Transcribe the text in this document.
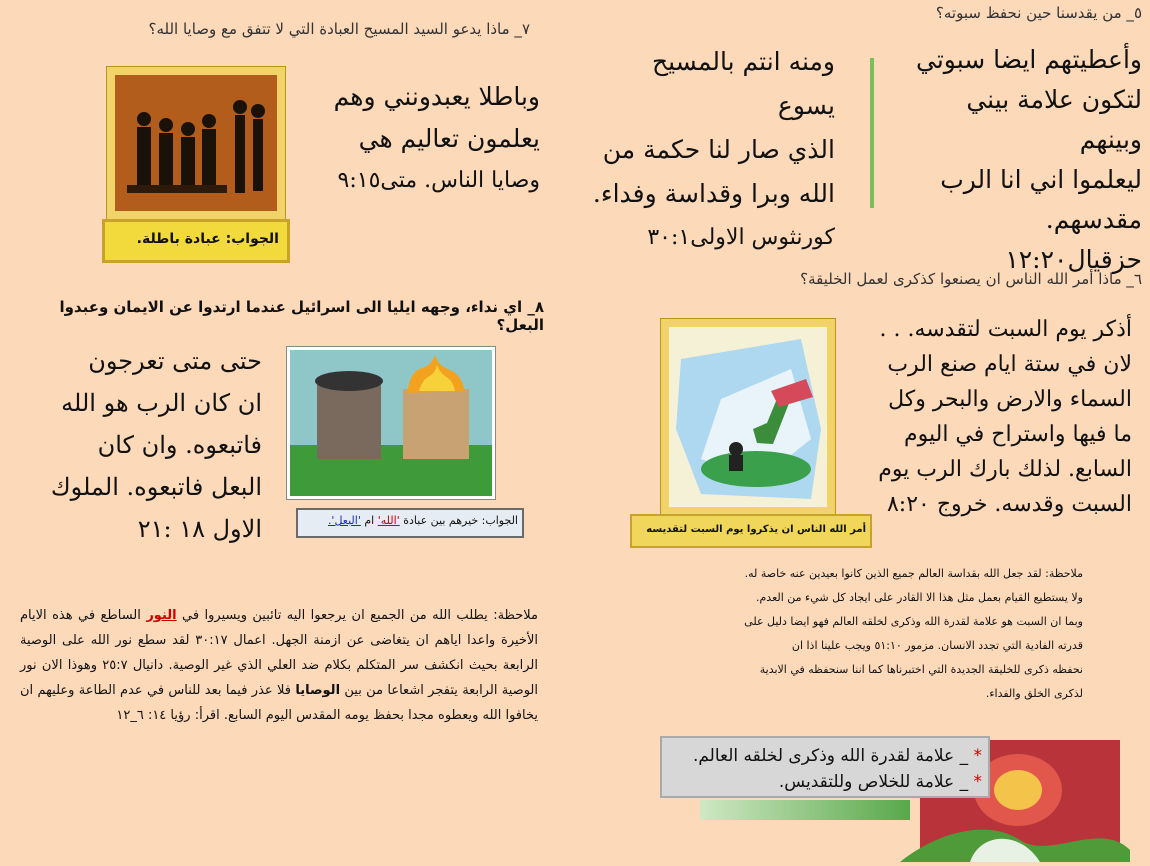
٥_ من يقدسنا حين نحفظ سبوته؟
وأعطيتهم ايضا سبوتي
لتكون علامة بيني وبينهم
ليعلموا اني انا الرب
مقدسهم. حزقيال١٢:٢٠
ومنه انتم بالمسيح يسوع
الذي صار لنا حكمة من
الله وبرا وقداسة وفداء.
كورنثوس الاولى٣٠:١
٧_ ماذا يدعو السيد المسيح العبادة التي لا تتفق مع وصايا الله؟
الجواب: عبادة باطلة.
وباطلا يعبدونني وهم
يعلمون تعاليم هي
وصايا الناس. متى٩:١٥
٦_ ماذا أمر الله الناس ان يصنعوا كذكرى لعمل الخليقة؟
أمر الله الناس ان يذكروا يوم السبت لتقديسه
أذكر يوم السبت لتقدسه. . .
لان في ستة ايام صنع الرب
السماء والارض والبحر وكل
ما فيها واستراح في اليوم
السابع. لذلك بارك الرب يوم
السبت وقدسه. خروج ٨:٢٠
٨_ اي نداء، وجهه ايليا الى اسرائيل عندما ارتدوا عن الايمان وعبدوا البعل؟
حتى متى تعرجون
ان كان الرب هو الله
فاتبعوه. وان كان
البعل فاتبعوه. الملوك
الاول ١٨ :٢١	الجواب: خيرهم بين عبادة 'الله' ام 'البعل'.
ملاحظة: لقد جعل الله بقداسة العالم جميع الذين كانوا بعيدين عنه خاصة له.
ولا يستطيع القيام بعمل مثل هذا الا القادر على ايجاد كل شيء من العدم.
وبما ان السبت هو علامة لقدرة الله وذكرى لخلقه العالم فهو ايضا دليل على
قدرته الفادية التي تجدد الانسان. مزمور ٥١:١٠ ويجب علينا اذا ان
نحفظه ذكرى للخليقة الجديدة التي اختبرناها كما اننا سنحفظه في الابدية
لذكرى الخلق والفداء.
ملاحظة: يطلب الله من الجميع ان يرجعوا اليه تائبين ويسيروا في النور الساطع في هذه الايام الأخيرة واعدا اياهم ان يتغاضى عن ازمنة الجهل. اعمال ٣٠:١٧ لقد سطع نور الله على الوصية الرابعة بحيث انكشف سر المتكلم بكلام ضد العلي الذي غير الوصية. دانيال ٢٥:٧ وهوذا الان نور الوصية الرابعة يتفجر اشعاعا من بين الوصايا فلا عذر فيما بعد للناس في عدم الطاعة وعليهم ان يخافوا الله ويعطوه مجدا بحفظ يومه المقدس اليوم السابع. اقرأ: رؤيا ١٤: ٦_١٢
* _ علامة لقدرة الله وذكرى لخلقه العالم.
* _ علامة للخلاص وللتقديس.
